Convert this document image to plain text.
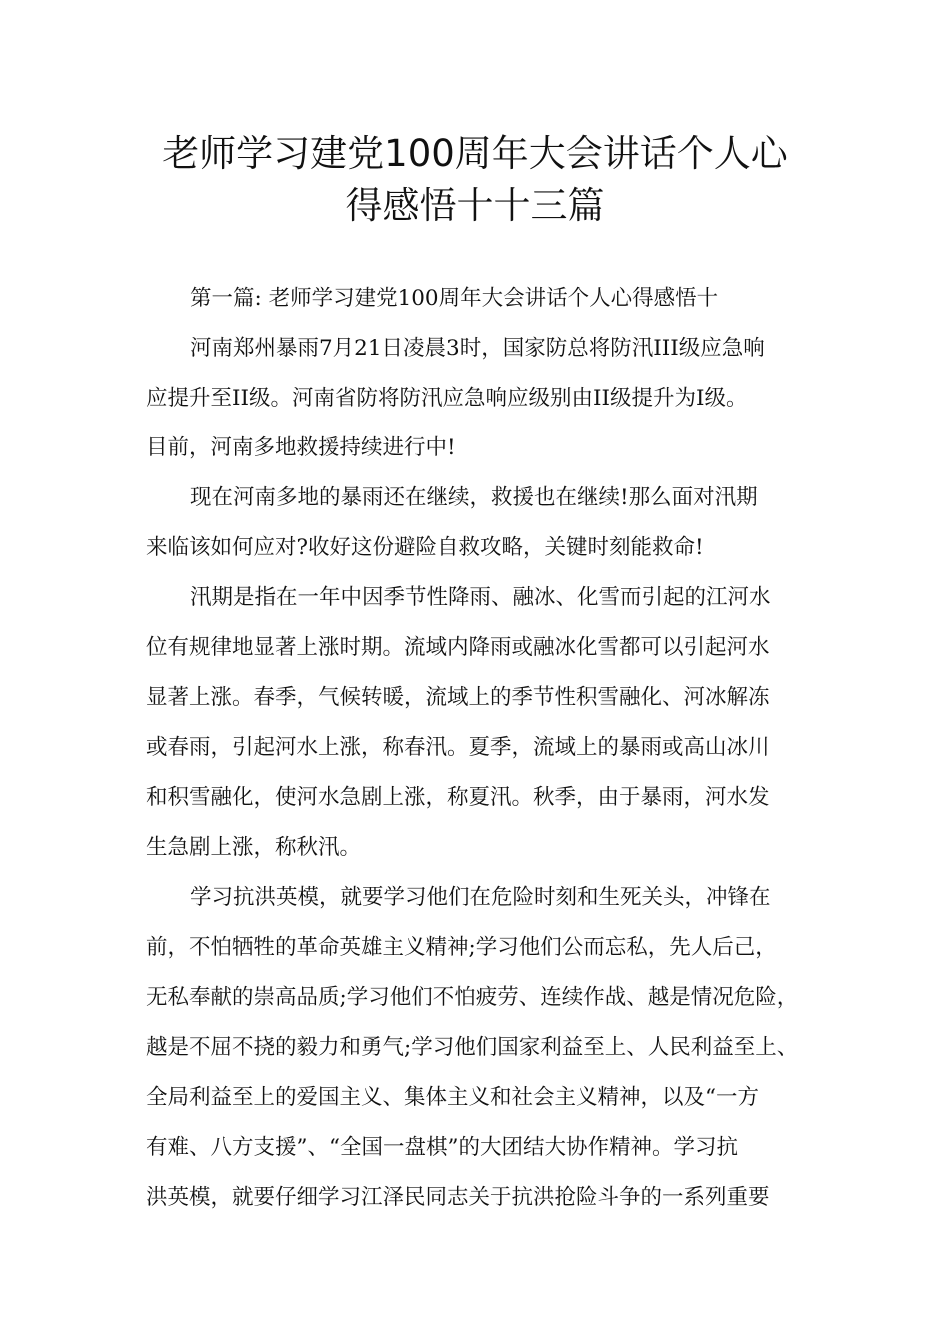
老师学习建党100周年大会讲话个人心
得感悟十十三篇
第一篇: 老师学习建党100周年大会讲话个人心得感悟十
河南郑州暴雨7月21日凌晨3时，国家防总将防汛III级应急响
应提升至II级。河南省防将防汛应急响应级别由II级提升为I级。
目前，河南多地救援持续进行中!
现在河南多地的暴雨还在继续，救援也在继续!那么面对汛期
来临该如何应对?收好这份避险自救攻略，关键时刻能救命!
汛期是指在一年中因季节性降雨、融冰、化雪而引起的江河水
位有规律地显著上涨时期。流域内降雨或融冰化雪都可以引起河水
显著上涨。春季，气候转暖，流域上的季节性积雪融化、河冰解冻
或春雨，引起河水上涨，称春汛。夏季，流域上的暴雨或高山冰川
和积雪融化，使河水急剧上涨，称夏汛。秋季，由于暴雨，河水发
生急剧上涨，称秋汛。
学习抗洪英模，就要学习他们在危险时刻和生死关头，冲锋在
前，不怕牺牲的革命英雄主义精神;学习他们公而忘私，先人后己，
无私奉献的崇高品质;学习他们不怕疲劳、连续作战、越是情况危险，
越是不屈不挠的毅力和勇气;学习他们国家利益至上、人民利益至上、
全局利益至上的爱国主义、集体主义和社会主义精神，以及“一方
有难、八方支援”、“全国一盘棋”的大团结大协作精神。学习抗
洪英模，就要仔细学习江泽民同志关于抗洪抢险斗争的一系列重要
